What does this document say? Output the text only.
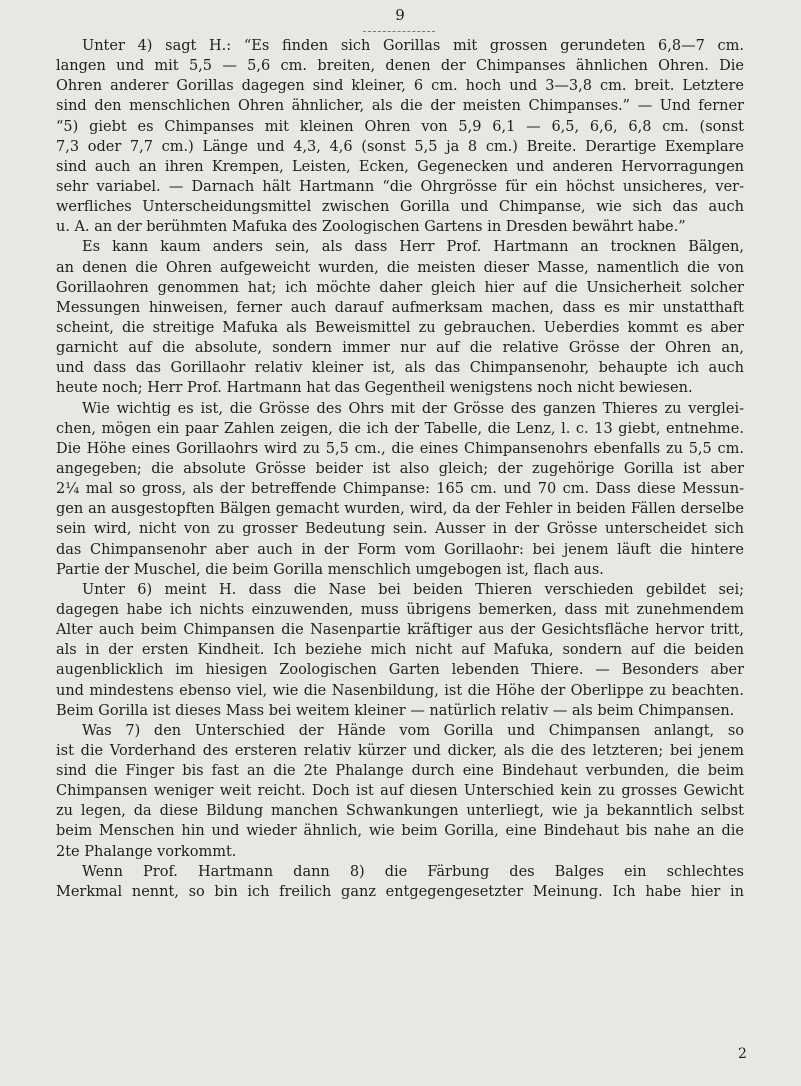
9
Unter 4) sagt H.: “Es finden sich Gorillas mit grossen gerundeten 6,8—7 cm.
langen und mit 5,5 — 5,6 cm. breiten, denen der Chimpanses ähnlichen Ohren. Die
Ohren anderer Gorillas dagegen sind kleiner, 6 cm. hoch und 3—3,8 cm. breit. Letztere
sind den menschlichen Ohren ähnlicher, als die der meisten Chimpanses.” — Und ferner
“5) giebt es Chimpanses mit kleinen Ohren von 5,9 6,1 — 6,5, 6,6, 6,8 cm. (sonst
7,3 oder 7,7 cm.) Länge und 4,3, 4,6 (sonst 5,5 ja 8 cm.) Breite. Derartige Exemplare
sind auch an ihren Krempen, Leisten, Ecken, Gegenecken und anderen Hervorragungen
sehr variabel. — Darnach hält Hartmann “die Ohrgrösse für ein höchst unsicheres, ver-
werfliches Unterscheidungsmittel zwischen Gorilla und Chimpanse, wie sich das auch
u. A. an der berühmten Mafuka des Zoologischen Gartens in Dresden bewährt habe.”
Es kann kaum anders sein, als dass Herr Prof. Hartmann an trocknen Bälgen,
an denen die Ohren aufgeweicht wurden, die meisten dieser Masse, namentlich die von
Gorillaohren genommen hat; ich möchte daher gleich hier auf die Unsicherheit solcher
Messungen hinweisen, ferner auch darauf aufmerksam machen, dass es mir unstatthaft
scheint, die streitige Mafuka als Beweismittel zu gebrauchen. Ueberdies kommt es aber
garnicht auf die absolute, sondern immer nur auf die relative Grösse der Ohren an,
und dass das Gorillaohr relativ kleiner ist, als das Chimpansenohr, behaupte ich auch
heute noch; Herr Prof. Hartmann hat das Gegentheil wenigstens noch nicht bewiesen.
Wie wichtig es ist, die Grösse des Ohrs mit der Grösse des ganzen Thieres zu verglei-
chen, mögen ein paar Zahlen zeigen, die ich der Tabelle, die Lenz, l. c. 13 giebt, entnehme.
Die Höhe eines Gorillaohrs wird zu 5,5 cm., die eines Chimpansenohrs ebenfalls zu 5,5 cm.
angegeben; die absolute Grösse beider ist also gleich; der zugehörige Gorilla ist aber
2¼ mal so gross, als der betreffende Chimpanse: 165 cm. und 70 cm. Dass diese Messun-
gen an ausgestopften Bälgen gemacht wurden, wird, da der Fehler in beiden Fällen derselbe
sein wird, nicht von zu grosser Bedeutung sein. Ausser in der Grösse unterscheidet sich
das Chimpansenohr aber auch in der Form vom Gorillaohr: bei jenem läuft die hintere
Partie der Muschel, die beim Gorilla menschlich umgebogen ist, flach aus.
Unter 6) meint H. dass die Nase bei beiden Thieren verschieden gebildet sei;
dagegen habe ich nichts einzuwenden, muss übrigens bemerken, dass mit zunehmendem
Alter auch beim Chimpansen die Nasenpartie kräftiger aus der Gesichtsfläche hervor tritt,
als in der ersten Kindheit. Ich beziehe mich nicht auf Mafuka, sondern auf die beiden
augenblicklich im hiesigen Zoologischen Garten lebenden Thiere. — Besonders aber
und mindestens ebenso viel, wie die Nasenbildung, ist die Höhe der Oberlippe zu beachten.
Beim Gorilla ist dieses Mass bei weitem kleiner — natürlich relativ — als beim Chimpansen.
Was 7) den Unterschied der Hände vom Gorilla und Chimpansen anlangt, so
ist die Vorderhand des ersteren relativ kürzer und dicker, als die des letzteren; bei jenem
sind die Finger bis fast an die 2te Phalange durch eine Bindehaut verbunden, die beim
Chimpansen weniger weit reicht. Doch ist auf diesen Unterschied kein zu grosses Gewicht
zu legen, da diese Bildung manchen Schwankungen unterliegt, wie ja bekanntlich selbst
beim Menschen hin und wieder ähnlich, wie beim Gorilla, eine Bindehaut bis nahe an die
2te Phalange vorkommt.
Wenn Prof. Hartmann dann 8) die Färbung des Balges ein schlechtes
Merkmal nennt, so bin ich freilich ganz entgegengesetzter Meinung. Ich habe hier in
2
